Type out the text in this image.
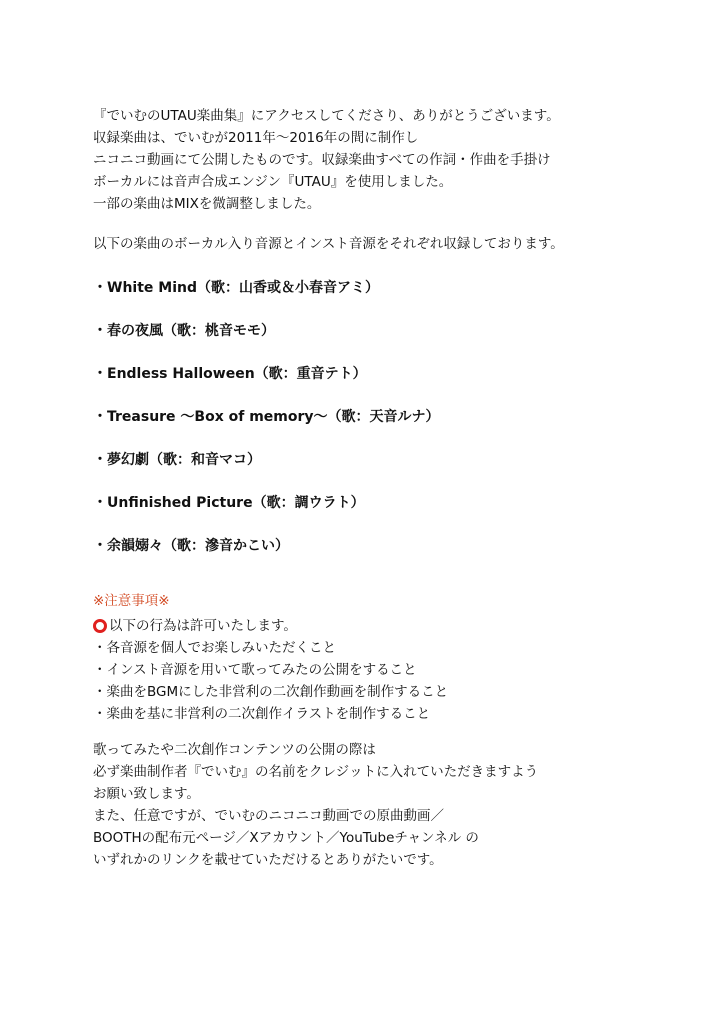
『でいむのUTAU楽曲集』にアクセスしてくださり、ありがとうございます。
収録楽曲は、でいむが2011年〜2016年の間に制作し
ニコニコ動画にて公開したものです。収録楽曲すべての作詞・作曲を手掛け
ボーカルには音声合成エンジン『UTAU』を使用しました。
一部の楽曲はMIXを微調整しました。
以下の楽曲のボーカル入り音源とインスト音源をそれぞれ収録しております。
・White Mind（歌：山香或＆小春音アミ）
・春の夜風（歌：桃音モモ）
・Endless Halloween（歌：重音テト）
・Treasure 〜Box of memory〜（歌：天音ルナ）
・夢幻劇（歌：和音マコ）
・Unfinished Picture（歌：調ウラト）
・余韻嫋々（歌：滲音かこい）
※注意事項※
以下の行為は許可いたします。
・各音源を個人でお楽しみいただくこと
・インスト音源を用いて歌ってみたの公開をすること
・楽曲をBGMにした非営利の二次創作動画を制作すること
・楽曲を基に非営利の二次創作イラストを制作すること
歌ってみたや二次創作コンテンツの公開の際は
必ず楽曲制作者『でいむ』の名前をクレジットに入れていただきますよう
お願い致します。
また、任意ですが、でいむのニコニコ動画での原曲動画／
BOOTHの配布元ページ／Xアカウント／YouTubeチャンネル の
いずれかのリンクを載せていただけるとありがたいです。
